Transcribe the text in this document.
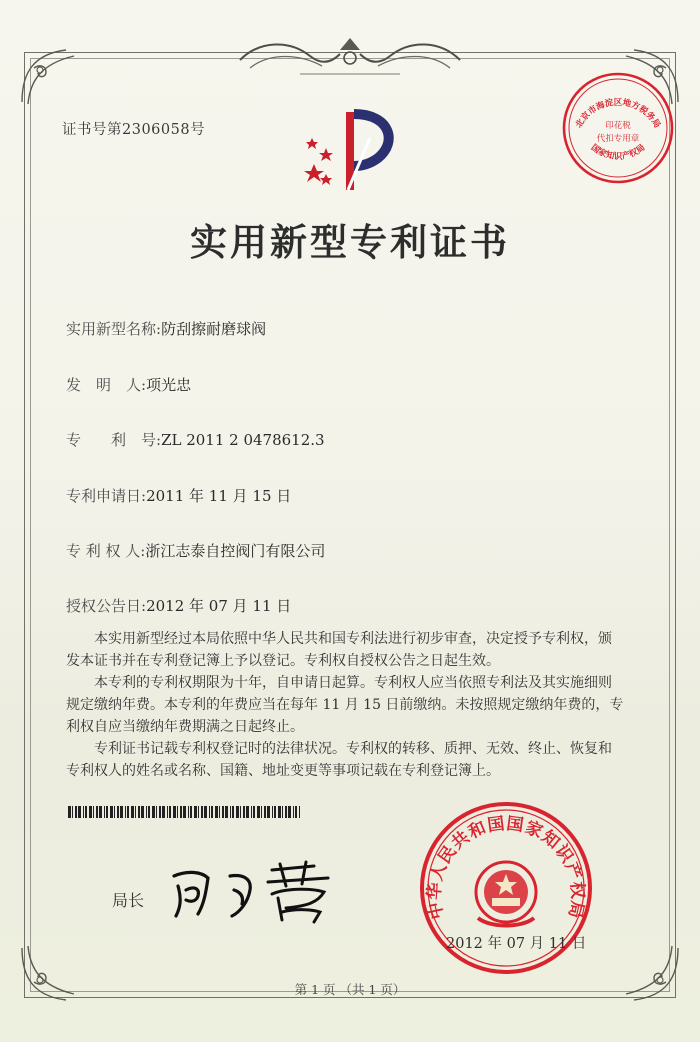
证书号第2306058号	北京市海淀区地方税务局
印花税
代扣专用章
国家知识产权局
实用新型专利证书
实用新型名称:防刮擦耐磨球阀
发　明　人:项光忠
专　　利　号:ZL 2011 2 0478612.3
专利申请日:2011 年 11 月 15 日
专 利 权 人:浙江志泰自控阀门有限公司
授权公告日:2012 年 07 月 11 日
　　本实用新型经过本局依照中华人民共和国专利法进行初步审查，决定授予专利权，颁
发本证书并在专利登记簿上予以登记。专利权自授权公告之日起生效。
　　本专利的专利权期限为十年，自申请日起算。专利权人应当依照专利法及其实施细则
规定缴纳年费。本专利的年费应当在每年 11 月 15 日前缴纳。未按照规定缴纳年费的，专
利权自应当缴纳年费期满之日起终止。
　　专利证书记载专利权登记时的法律状况。专利权的转移、质押、无效、终止、恢复和
专利权人的姓名或名称、国籍、地址变更等事项记载在专利登记簿上。
局长	中华人民共和国国家知识产权局
2012 年 07 月 11 日
第 1 页 （共 1 页）
